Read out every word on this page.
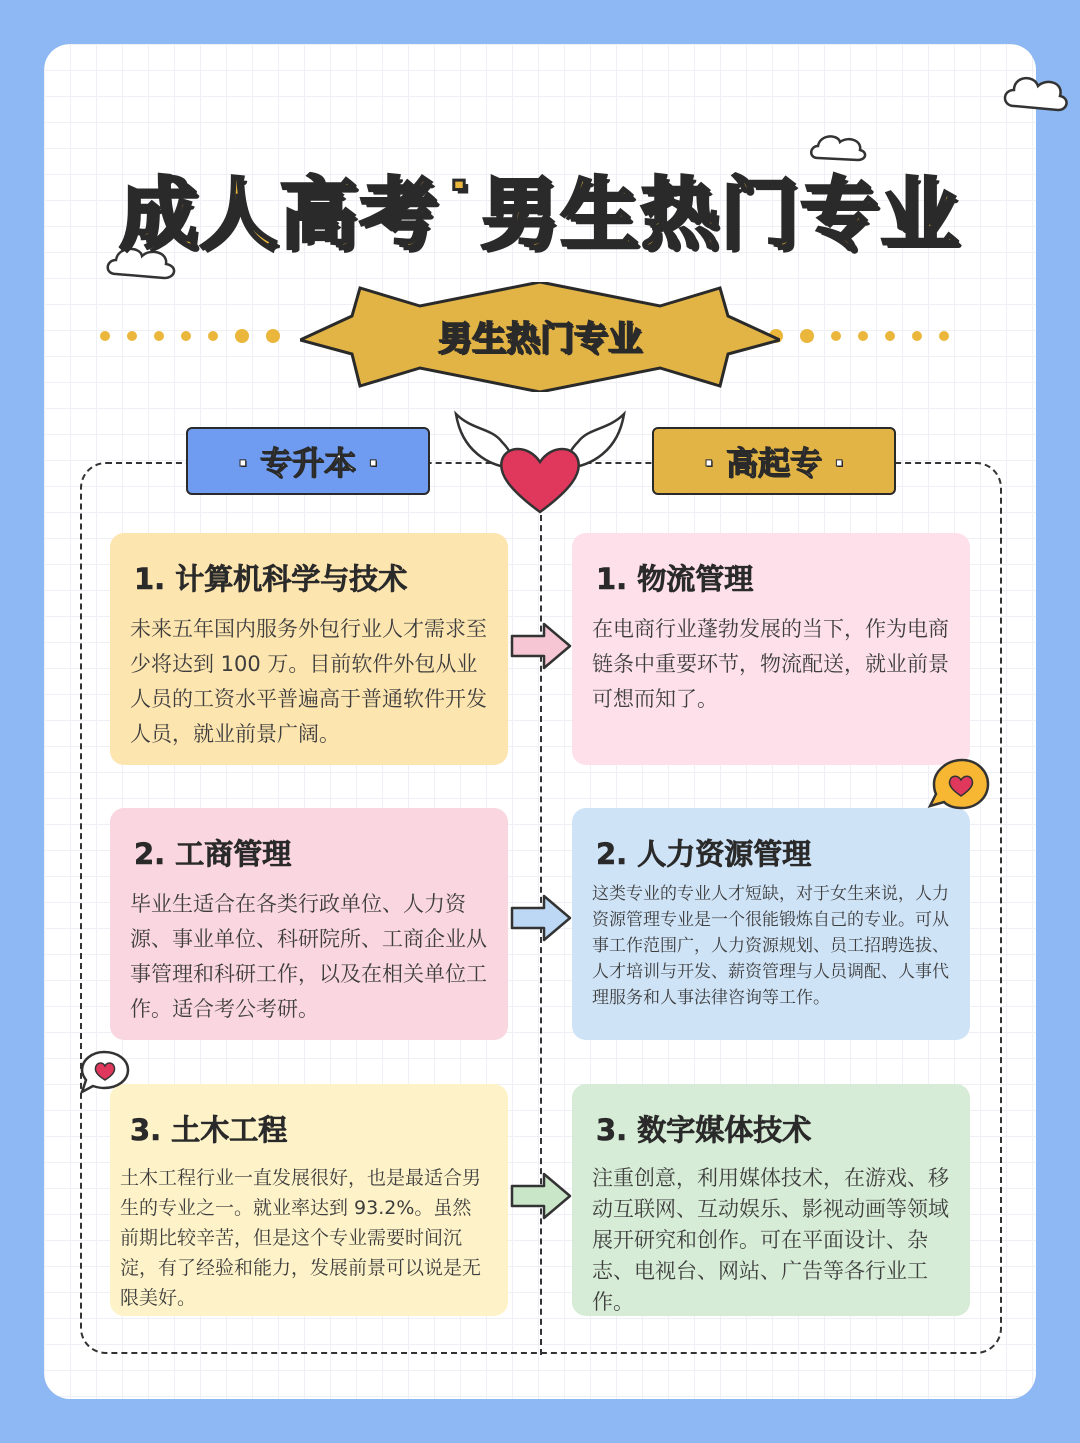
成人高考˙男生热门专业
男生热门专业
· 专升本 ·	· 高起专 ·
1. 计算机科学与技术

未来五年国内服务外包行业人才需求至少将达到 100 万。目前软件外包从业人员的工资水平普遍高于普通软件开发人员，就业前景广阔。

2. 工商管理

毕业生适合在各类行政单位、人力资源、事业单位、科研院所、工商企业从事管理和科研工作，以及在相关单位工作。适合考公考研。

3. 土木工程

土木工程行业一直发展很好，也是最适合男生的专业之一。就业率达到 93.2%。虽然前期比较辛苦，但是这个专业需要时间沉淀，有了经验和能力，发展前景可以说是无限美好。

1. 物流管理

在电商行业蓬勃发展的当下，作为电商链条中重要环节，物流配送，就业前景可想而知了。

2. 人力资源管理

这类专业的专业人才短缺，对于女生来说，人力资源管理专业是一个很能锻炼自己的专业。可从事工作范围广，人力资源规划、员工招聘选拔、人才培训与开发、薪资管理与人员调配、人事代理服务和人事法律咨询等工作。

3. 数字媒体技术

注重创意，利用媒体技术，在游戏、移动互联网、互动娱乐、影视动画等领域展开研究和创作。可在平面设计、杂志、电视台、网站、广告等各行业工作。
